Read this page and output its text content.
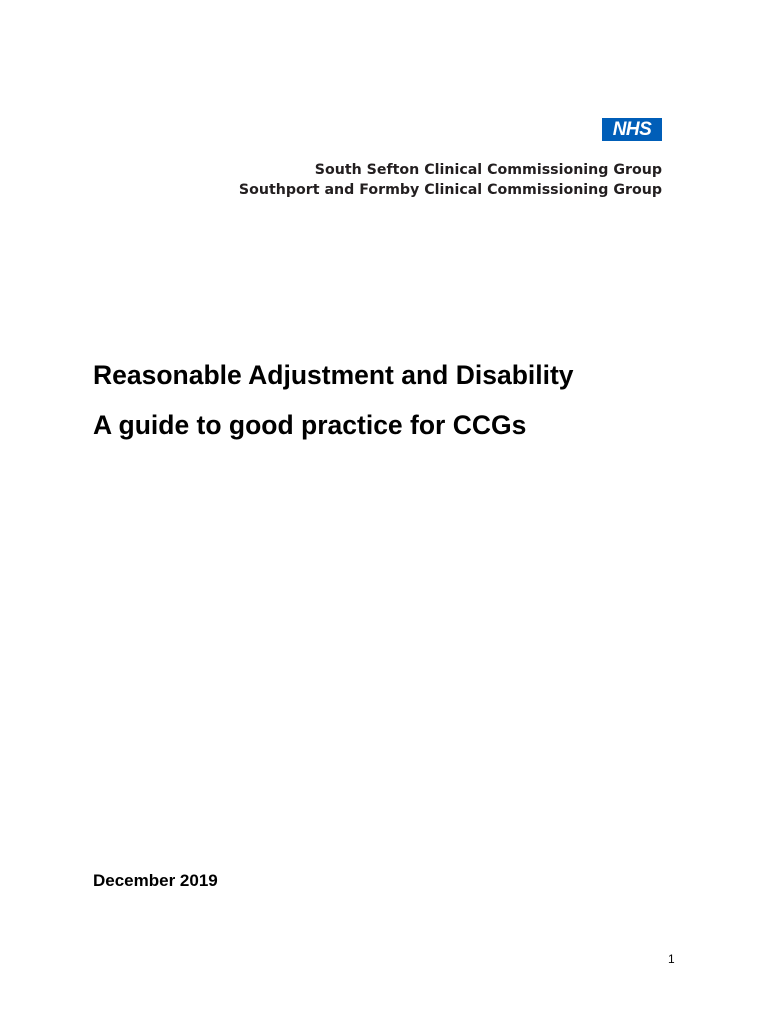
NHS
South Sefton Clinical Commissioning Group
Southport and Formby Clinical Commissioning Group
Reasonable Adjustment and Disability
A guide to good practice for CCGs
December 2019
1
